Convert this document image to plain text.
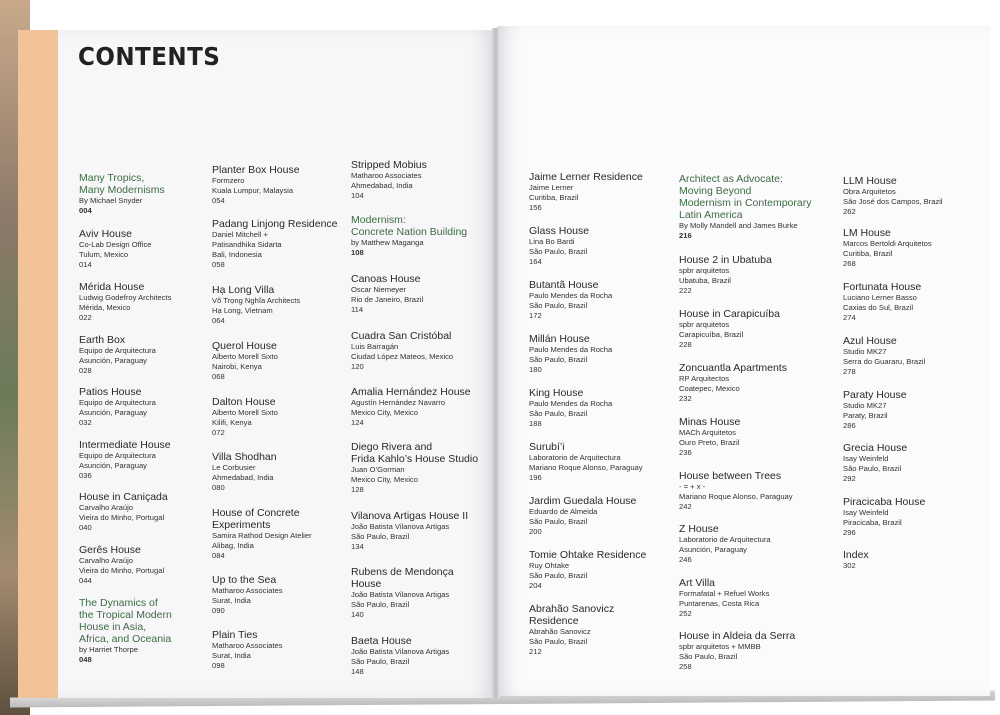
CONTENTS
Many Tropics,
Many Modernisms
By Michael Snyder
004
Aviv House
Co-Lab Design Office
Tulum, Mexico
014
Mérida House
Ludwig Godefroy Architects
Mérida, Mexico
022
Earth Box
Equipo de Arquitectura
Asunción, Paraguay
028
Patios House
Equipo de Arquitectura
Asunción, Paraguay
032
Intermediate House
Equipo de Arquitectura
Asunción, Paraguay
036
House in Caniçada
Carvalho Araújo
Vieira do Minho, Portugal
040
Gerês House
Carvalho Araújo
Vieira do Minho, Portugal
044
The Dynamics of
the Tropical Modern
House in Asia,
Africa, and Oceania
by Harriet Thorpe
048
Planter Box House
Formzero
Kuala Lumpur, Malaysia
054
Padang Linjong Residence
Daniel Mitchell +
Patisandhika Sidarta
Bali, Indonesia
058
Hạ Long Villa
Võ Trọng Nghĩa Architects
Hạ Long, Vietnam
064
Querol House
Alberto Morell Sixto
Nairobi, Kenya
068
Dalton House
Alberto Morell Sixto
Kilifi, Kenya
072
Villa Shodhan
Le Corbusier
Ahmedabad, India
080
House of Concrete
Experiments
Samira Rathod Design Atelier
Alibag, India
084
Up to the Sea
Matharoo Associates
Surat, India
090
Plain Ties
Matharoo Associates
Surat, India
098
Stripped Mobius
Matharoo Associates
Ahmedabad, India
104
Modernism:
Concrete Nation Building
by Matthew Maganga
108
Canoas House
Oscar Niemeyer
Rio de Janeiro, Brazil
114
Cuadra San Cristóbal
Luis Barragán
Ciudad López Mateos, Mexico
120
Amalia Hernández House
Agustín Hernández Navarro
Mexico City, Mexico
124
Diego Rivera and
Frida Kahlo’s House Studio
Juan O’Gorman
Mexico City, Mexico
128
Vilanova Artigas House II
João Batista Vilanova Artigas
São Paulo, Brazil
134
Rubens de Mendonça
House
João Batista Vilanova Artigas
São Paulo, Brazil
140
Baeta House
João Batista Vilanova Artigas
São Paulo, Brazil
148
Jaime Lerner Residence
Jaime Lerner
Curitiba, Brazil
156
Glass House
Lina Bo Bardi
São Paulo, Brazil
164
Butantã House
Paulo Mendes da Rocha
São Paulo, Brazil
172
Millán House
Paulo Mendes da Rocha
São Paulo, Brazil
180
King House
Paulo Mendes da Rocha
São Paulo, Brazil
188
Surubí’i
Laboratorio de Arquitectura
Mariano Roque Alonso, Paraguay
196
Jardim Guedala House
Eduardo de Almeida
São Paulo, Brazil
200
Tomie Ohtake Residence
Ruy Ohtake
São Paulo, Brazil
204
Abrahão Sanovicz
Residence
Abrahão Sanovicz
São Paulo, Brazil
212
Architect as Advocate:
Moving Beyond
Modernism in Contemporary
Latin America
By Molly Mandell and James Burke
216
House 2 in Ubatuba
spbr arquitetos
Ubatuba, Brazil
222
House in Carapicuíba
spbr arquitetos
Carapicuíba, Brazil
228
Zoncuantla Apartments
RP Arquitectos
Coatepec, Mexico
232
Minas House
MACh Arquitetos
Ouro Preto, Brazil
236
House between Trees
- = + x -
Mariano Roque Alonso, Paraguay
242
Z House
Laboratorio de Arquitectura
Asunción, Paraguay
246
Art Villa
Formafatal + Refuel Works
Puntarenas, Costa Rica
252
House in Aldeia da Serra
spbr arquitetos + MMBB
São Paulo, Brazil
258
LLM House
Obra Arquitetos
São José dos Campos, Brazil
262
LM House
Marcos Bertoldi Arquitetos
Curitiba, Brazil
268
Fortunata House
Luciano Lerner Basso
Caxias do Sul, Brazil
274
Azul House
Studio MK27
Serra do Guararu, Brazil
278
Paraty House
Studio MK27
Paraty, Brazil
286
Grecia House
Isay Weinfeld
São Paulo, Brazil
292
Piracicaba House
Isay Weinfeld
Piracicaba, Brazil
296
Index
302
